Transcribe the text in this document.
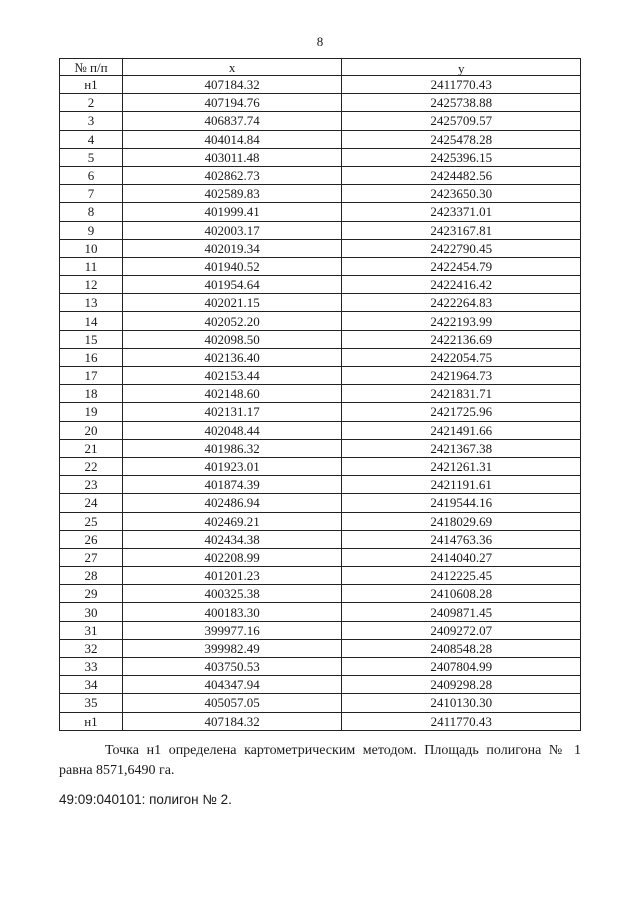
8
№ п/п	x	y
н1	407184.32	2411770.43
2	407194.76	2425738.88
3	406837.74	2425709.57
4	404014.84	2425478.28
5	403011.48	2425396.15
6	402862.73	2424482.56
7	402589.83	2423650.30
8	401999.41	2423371.01
9	402003.17	2423167.81
10	402019.34	2422790.45
11	401940.52	2422454.79
12	401954.64	2422416.42
13	402021.15	2422264.83
14	402052.20	2422193.99
15	402098.50	2422136.69
16	402136.40	2422054.75
17	402153.44	2421964.73
18	402148.60	2421831.71
19	402131.17	2421725.96
20	402048.44	2421491.66
21	401986.32	2421367.38
22	401923.01	2421261.31
23	401874.39	2421191.61
24	402486.94	2419544.16
25	402469.21	2418029.69
26	402434.38	2414763.36
27	402208.99	2414040.27
28	401201.23	2412225.45
29	400325.38	2410608.28
30	400183.30	2409871.45
31	399977.16	2409272.07
32	399982.49	2408548.28
33	403750.53	2407804.99
34	404347.94	2409298.28
35	405057.05	2410130.30
н1	407184.32	2411770.43
Точка н1 определена картометрическим методом. Площадь полигона № 1 равна 8571,6490 га.
49:09:040101: полигон № 2.
